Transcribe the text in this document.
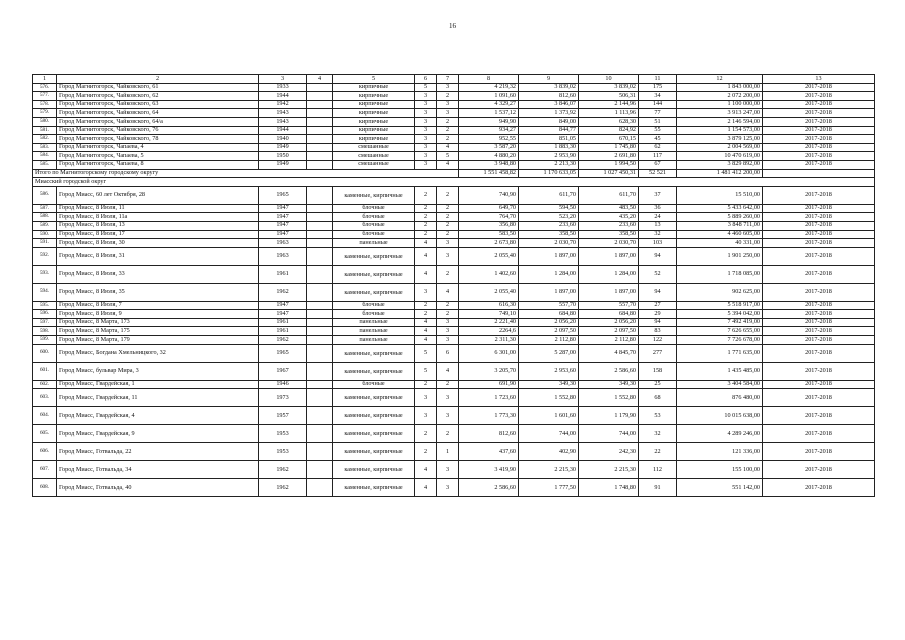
16
1	2	3	4	5	6	7	8	9	10	11	12	13
576.	Город Магнитогорск, Чайковского, 61	1933		кирпичные	5	3	4 219,32	3 839,02	3 839,02	175	1 843 000,00	2017-2018
577.	Город Магнитогорск, Чайковского, 62	1944		кирпичные	3	2	1 091,60	812,60	506,31	34	2 072 200,00	2017-2018
578.	Город Магнитогорск, Чайковского, 63	1942		кирпичные	3	3	4 329,27	3 846,07	2 144,96	144	1 100 000,00	2017-2018
579.	Город Магнитогорск, Чайковского, 64	1943		кирпичные	3	3	1 537,12	1 373,92	1 113,96	77	3 913 247,00	2017-2018
580.	Город Магнитогорск, Чайковского, 64/а	1943		кирпичные	3	2	949,90	849,00	628,30	51	2 146 594,00	2017-2018
581.	Город Магнитогорск, Чайковского, 76	1944		кирпичные	3	2	934,27	844,77	824,92	55	1 154 573,00	2017-2018
582.	Город Магнитогорск, Чайковского, 78	1940		кирпичные	3	2	952,55	851,05	670,15	45	3 879 125,00	2017-2018
583.	Город Магнитогорск, Чапаева, 4	1949		смешанные	3	4	3 587,20	1 883,30	1 745,80	62	2 004 569,00	2017-2018
584.	Город Магнитогорск, Чапаева, 5	1950		смешанные	3	5	4 880,20	2 953,90	2 691,80	117	10 470 619,00	2017-2018
585.	Город Магнитогорск, Чапаева, 8	1949		смешанные	3	4	3 948,80	2 213,30	1 994,50	67	3 829 892,00	2017-2018
Итого по Магнитогорскому городскому округу							1 551 458,82	1 170 633,05	1 027 450,31	52 521	1 481 412 200,00	
Миасский городской округ												
586.	Город Миасс, 60 лет Октября, 28	1965		каменные, кирпичные	2	2	740,90	611,70	611,70	37	15 510,00	2017-2018
587.	Город Миасс, 8 Июля, 11	1947		блочные	2	2	649,70	594,50	483,50	36	5 433 642,00	2017-2018
588.	Город Миасс, 8 Июля, 11а	1947		блочные	2	2	764,70	523,20	435,20	24	5 889 260,00	2017-2018
589.	Город Миасс, 8 Июля, 13	1947		блочные	2	2	356,80	233,60	233,60	13	3 848 711,00	2017-2018
590.	Город Миасс, 8 Июля, 17	1947		блочные	2	2	583,50	358,50	358,50	32	4 460 605,00	2017-2018
591.	Город Миасс, 8 Июля, 30	1963		панельные	4	3	2 673,80	2 030,70	2 030,70	103	40 331,00	2017-2018
592.	Город Миасс, 8 Июля, 31	1963		каменные, кирпичные	4	3	2 055,40	1 897,00	1 897,00	94	1 901 250,00	2017-2018
593.	Город Миасс, 8 Июля, 33	1961		каменные, кирпичные	4	2	1 402,60	1 284,00	1 284,00	52	1 718 085,00	2017-2018
594.	Город Миасс, 8 Июля, 35	1962		каменные, кирпичные	3	4	2 055,40	1 897,00	1 897,00	94	902 625,00	2017-2018
595.	Город Миасс, 8 Июля, 7	1947		блочные	2	2	616,30	557,70	557,70	27	5 518 917,00	2017-2018
596.	Город Миасс, 8 Июля, 9	1947		блочные	2	2	749,10	684,80	684,80	29	5 394 042,00	2017-2018
597.	Город Миасс, 8 Марта, 173	1961		панельные	4	3	2 221,40	2 056,20	2 056,20	94	7 492 419,00	2017-2018
598.	Город Миасс, 8 Марта, 175	1961		панельные	4	3	2264,6	2 097,50	2 097,50	83	7 626 655,00	2017-2018
599.	Город Миасс, 8 Марта, 179	1962		панельные	4	3	2 311,30	2 112,80	2 112,80	122	7 726 678,00	2017-2018
600.	Город Миасс, Богдана Хмельницкого, 32	1965		каменные, кирпичные	5	6	6 301,00	5 287,00	4 845,70	277	1 771 635,00	2017-2018
601.	Город Миасс, бульвар Мира, 3	1967		каменные, кирпичные	5	4	3 205,70	2 953,60	2 586,60	158	1 435 485,00	2017-2018
602.	Город Миасс, Гвардейская, 1	1946		блочные	2	2	691,90	349,30	349,30	25	3 404 584,00	2017-2018
603.	Город Миасс, Гвардейская, 11	1973		каменные, кирпичные	3	3	1 723,60	1 552,80	1 552,80	68	876 480,00	2017-2018
604.	Город Миасс, Гвардейская, 4	1957		каменные, кирпичные	3	3	1 773,30	1 601,60	1 179,90	53	10 015 638,00	2017-2018
605.	Город Миасс, Гвардейская, 9	1953		каменные, кирпичные	2	2	812,60	744,00	744,00	32	4 289 246,00	2017-2018
606.	Город Миасс, Готвальда, 22	1953		каменные, кирпичные	2	1	437,60	402,90	242,30	22	121 336,00	2017-2018
607.	Город Миасс, Готвальда, 34	1962		каменные, кирпичные	4	3	3 419,90	2 215,30	2 215,30	112	155 100,00	2017-2018
608.	Город Миасс, Готвальда, 40	1962		каменные, кирпичные	4	3	2 586,60	1 777,50	1 748,80	91	551 142,00	2017-2018
